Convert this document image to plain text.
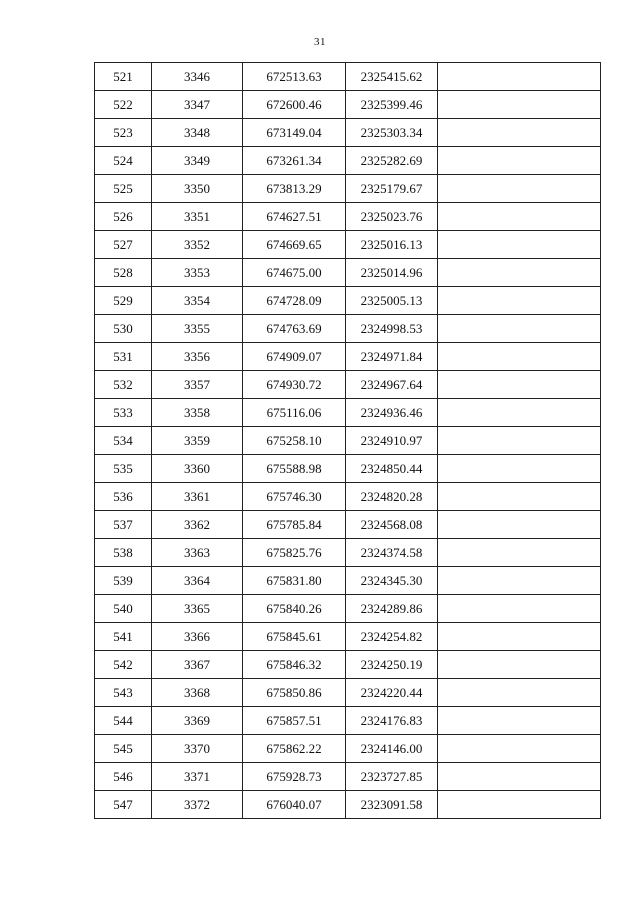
31
521	3346	672513.63	2325415.62	
522	3347	672600.46	2325399.46	
523	3348	673149.04	2325303.34	
524	3349	673261.34	2325282.69	
525	3350	673813.29	2325179.67	
526	3351	674627.51	2325023.76	
527	3352	674669.65	2325016.13	
528	3353	674675.00	2325014.96	
529	3354	674728.09	2325005.13	
530	3355	674763.69	2324998.53	
531	3356	674909.07	2324971.84	
532	3357	674930.72	2324967.64	
533	3358	675116.06	2324936.46	
534	3359	675258.10	2324910.97	
535	3360	675588.98	2324850.44	
536	3361	675746.30	2324820.28	
537	3362	675785.84	2324568.08	
538	3363	675825.76	2324374.58	
539	3364	675831.80	2324345.30	
540	3365	675840.26	2324289.86	
541	3366	675845.61	2324254.82	
542	3367	675846.32	2324250.19	
543	3368	675850.86	2324220.44	
544	3369	675857.51	2324176.83	
545	3370	675862.22	2324146.00	
546	3371	675928.73	2323727.85	
547	3372	676040.07	2323091.58	
